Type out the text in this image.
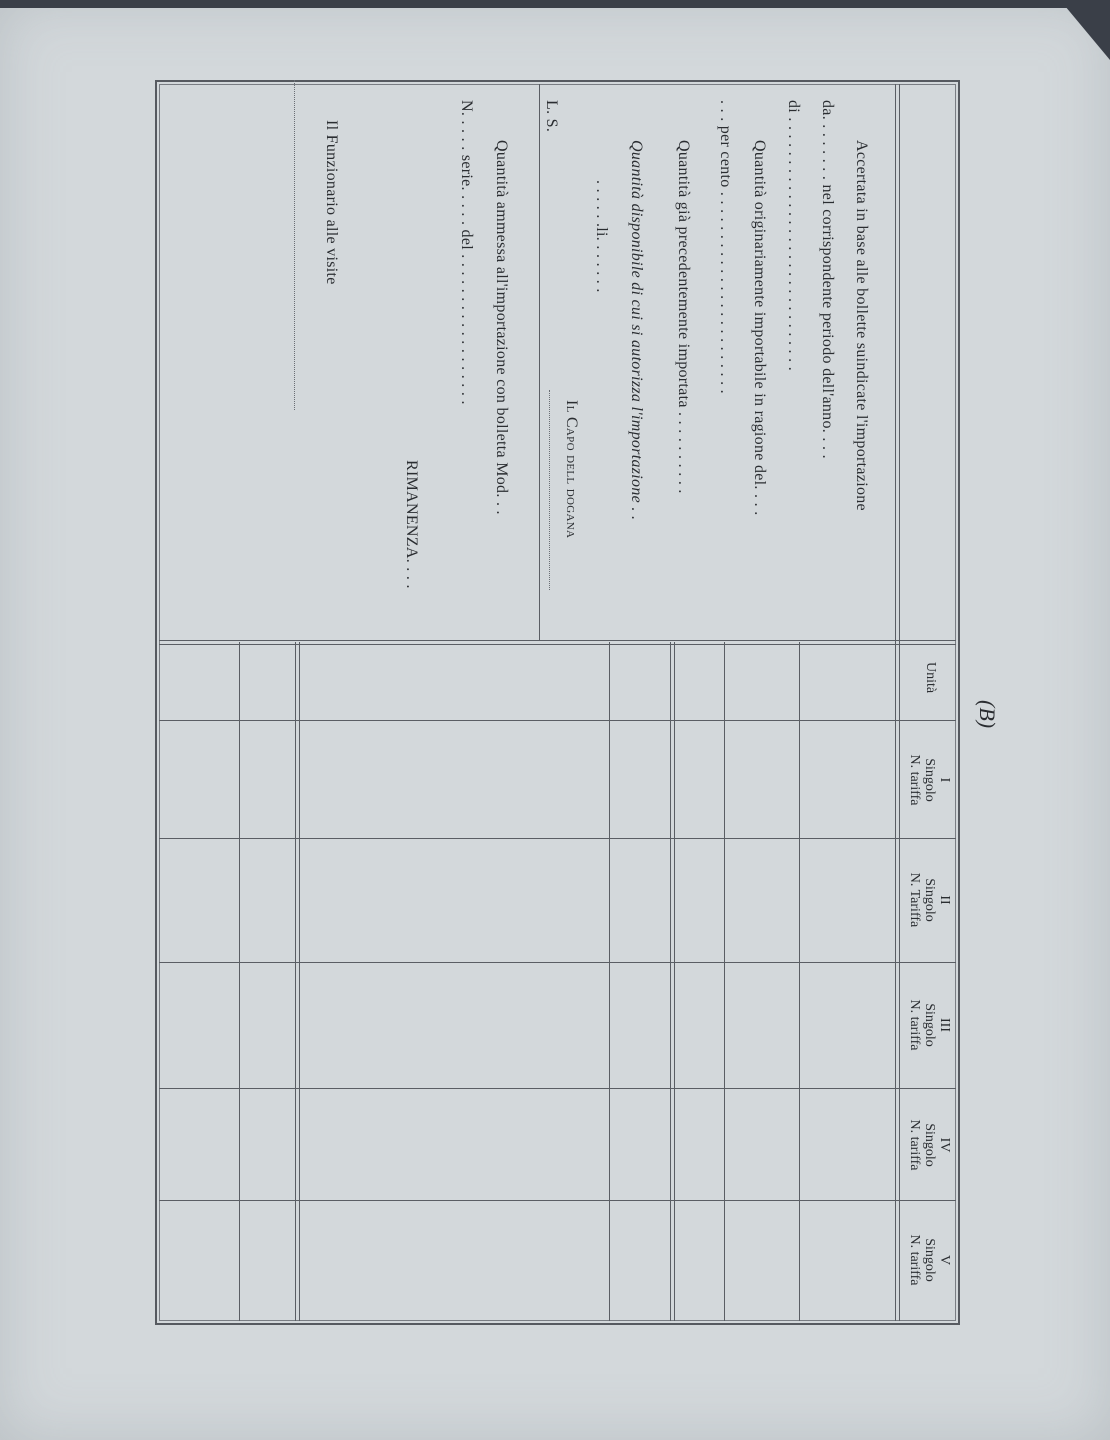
(B)
Unità
I
Singolo
N. tariffa
II
Singolo
N. Tariffa
III
Singolo
N. tariffa
IV
Singolo
N. tariffa
V
Singolo
N. tariffa
Accertata in base alle bollette suindicate l'importazione
da. . . . . . . . nel corrispondente periodo dell'anno. . . .
di . . . . . . . . . . . . . . . . . . . . . . . . . . . . . .
Quantità originariamente importabile in ragione del. . . .
. . . per cento . . . . . . . . . . . . . . . . . . . . . . . .
Quantità già precedentemente importata . . . . . . . . . .
Quantità disponibile di cui si autorizza l'importazione . .
. . . . . .li. . . . . . .
Il Capo dell dogana
L. S.
Quantità ammessa all'importazione con bolletta Mod. . .
N. . . . . serie. . . . . del . . . . . . . . . . . . . . . . . .
RIMANENZA. . . .
Il Funzionario alle visite
